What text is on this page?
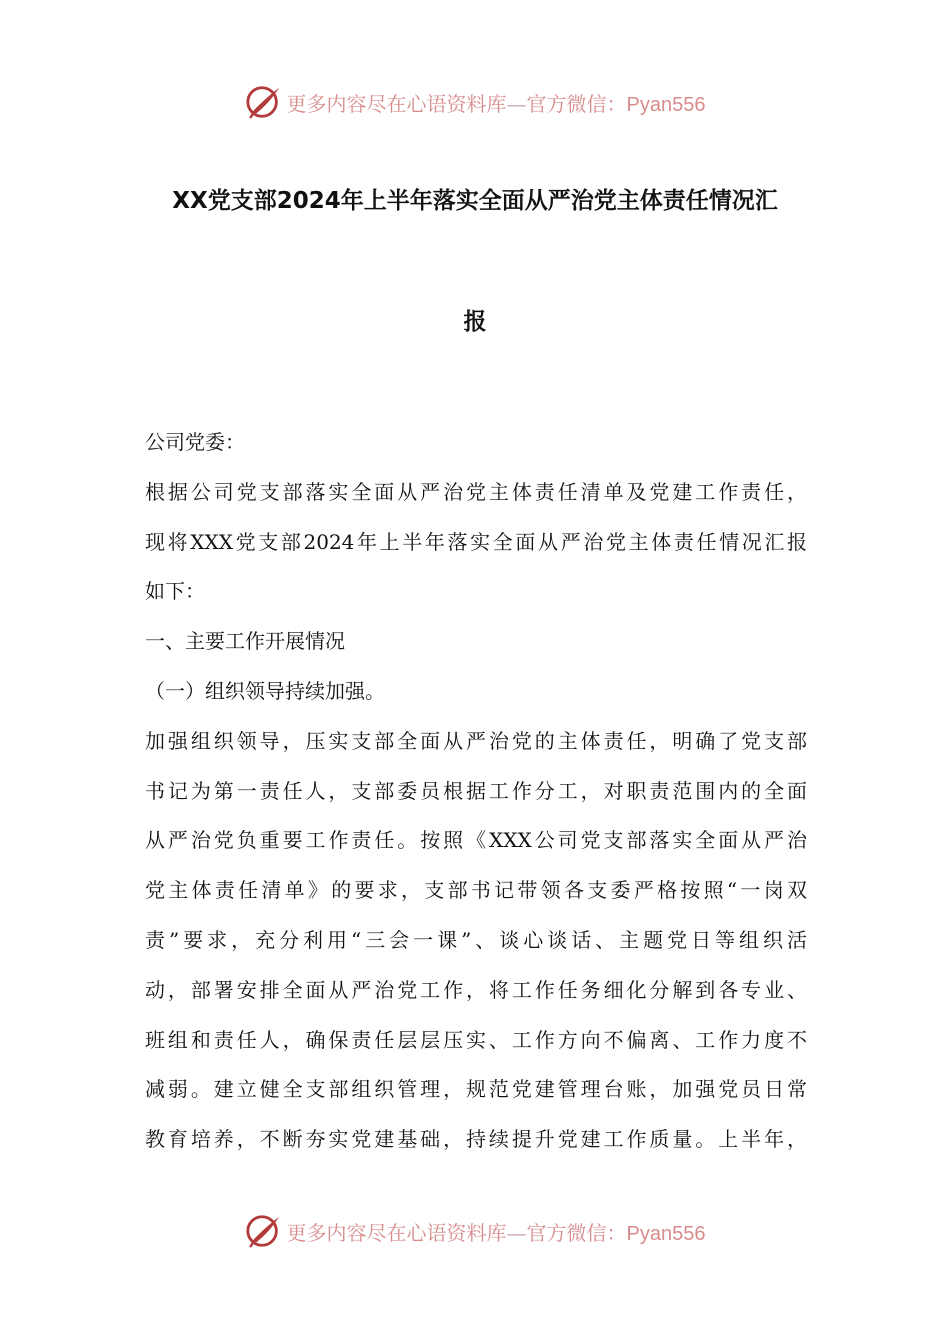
更多内容尽在心语资料库—官方微信：Pyan556
XX党支部2024年上半年落实全面从严治党主体责任情况汇
报
公司党委：
根据公司党支部落实全面从严治党主体责任清单及党建工作责任，
现将XXX党支部2024年上半年落实全面从严治党主体责任情况汇报
如下：
一、主要工作开展情况
（一）组织领导持续加强。
加强组织领导，压实支部全面从严治党的主体责任，明确了党支部
书记为第一责任人，支部委员根据工作分工，对职责范围内的全面
从严治党负重要工作责任。按照《XXX公司党支部落实全面从严治
党主体责任清单》的要求，支部书记带领各支委严格按照“一岗双
责”要求，充分利用“三会一课”、谈心谈话、主题党日等组织活
动，部署安排全面从严治党工作，将工作任务细化分解到各专业、
班组和责任人，确保责任层层压实、工作方向不偏离、工作力度不
减弱。建立健全支部组织管理，规范党建管理台账，加强党员日常
教育培养，不断夯实党建基础，持续提升党建工作质量。上半年，
更多内容尽在心语资料库—官方微信：Pyan556
